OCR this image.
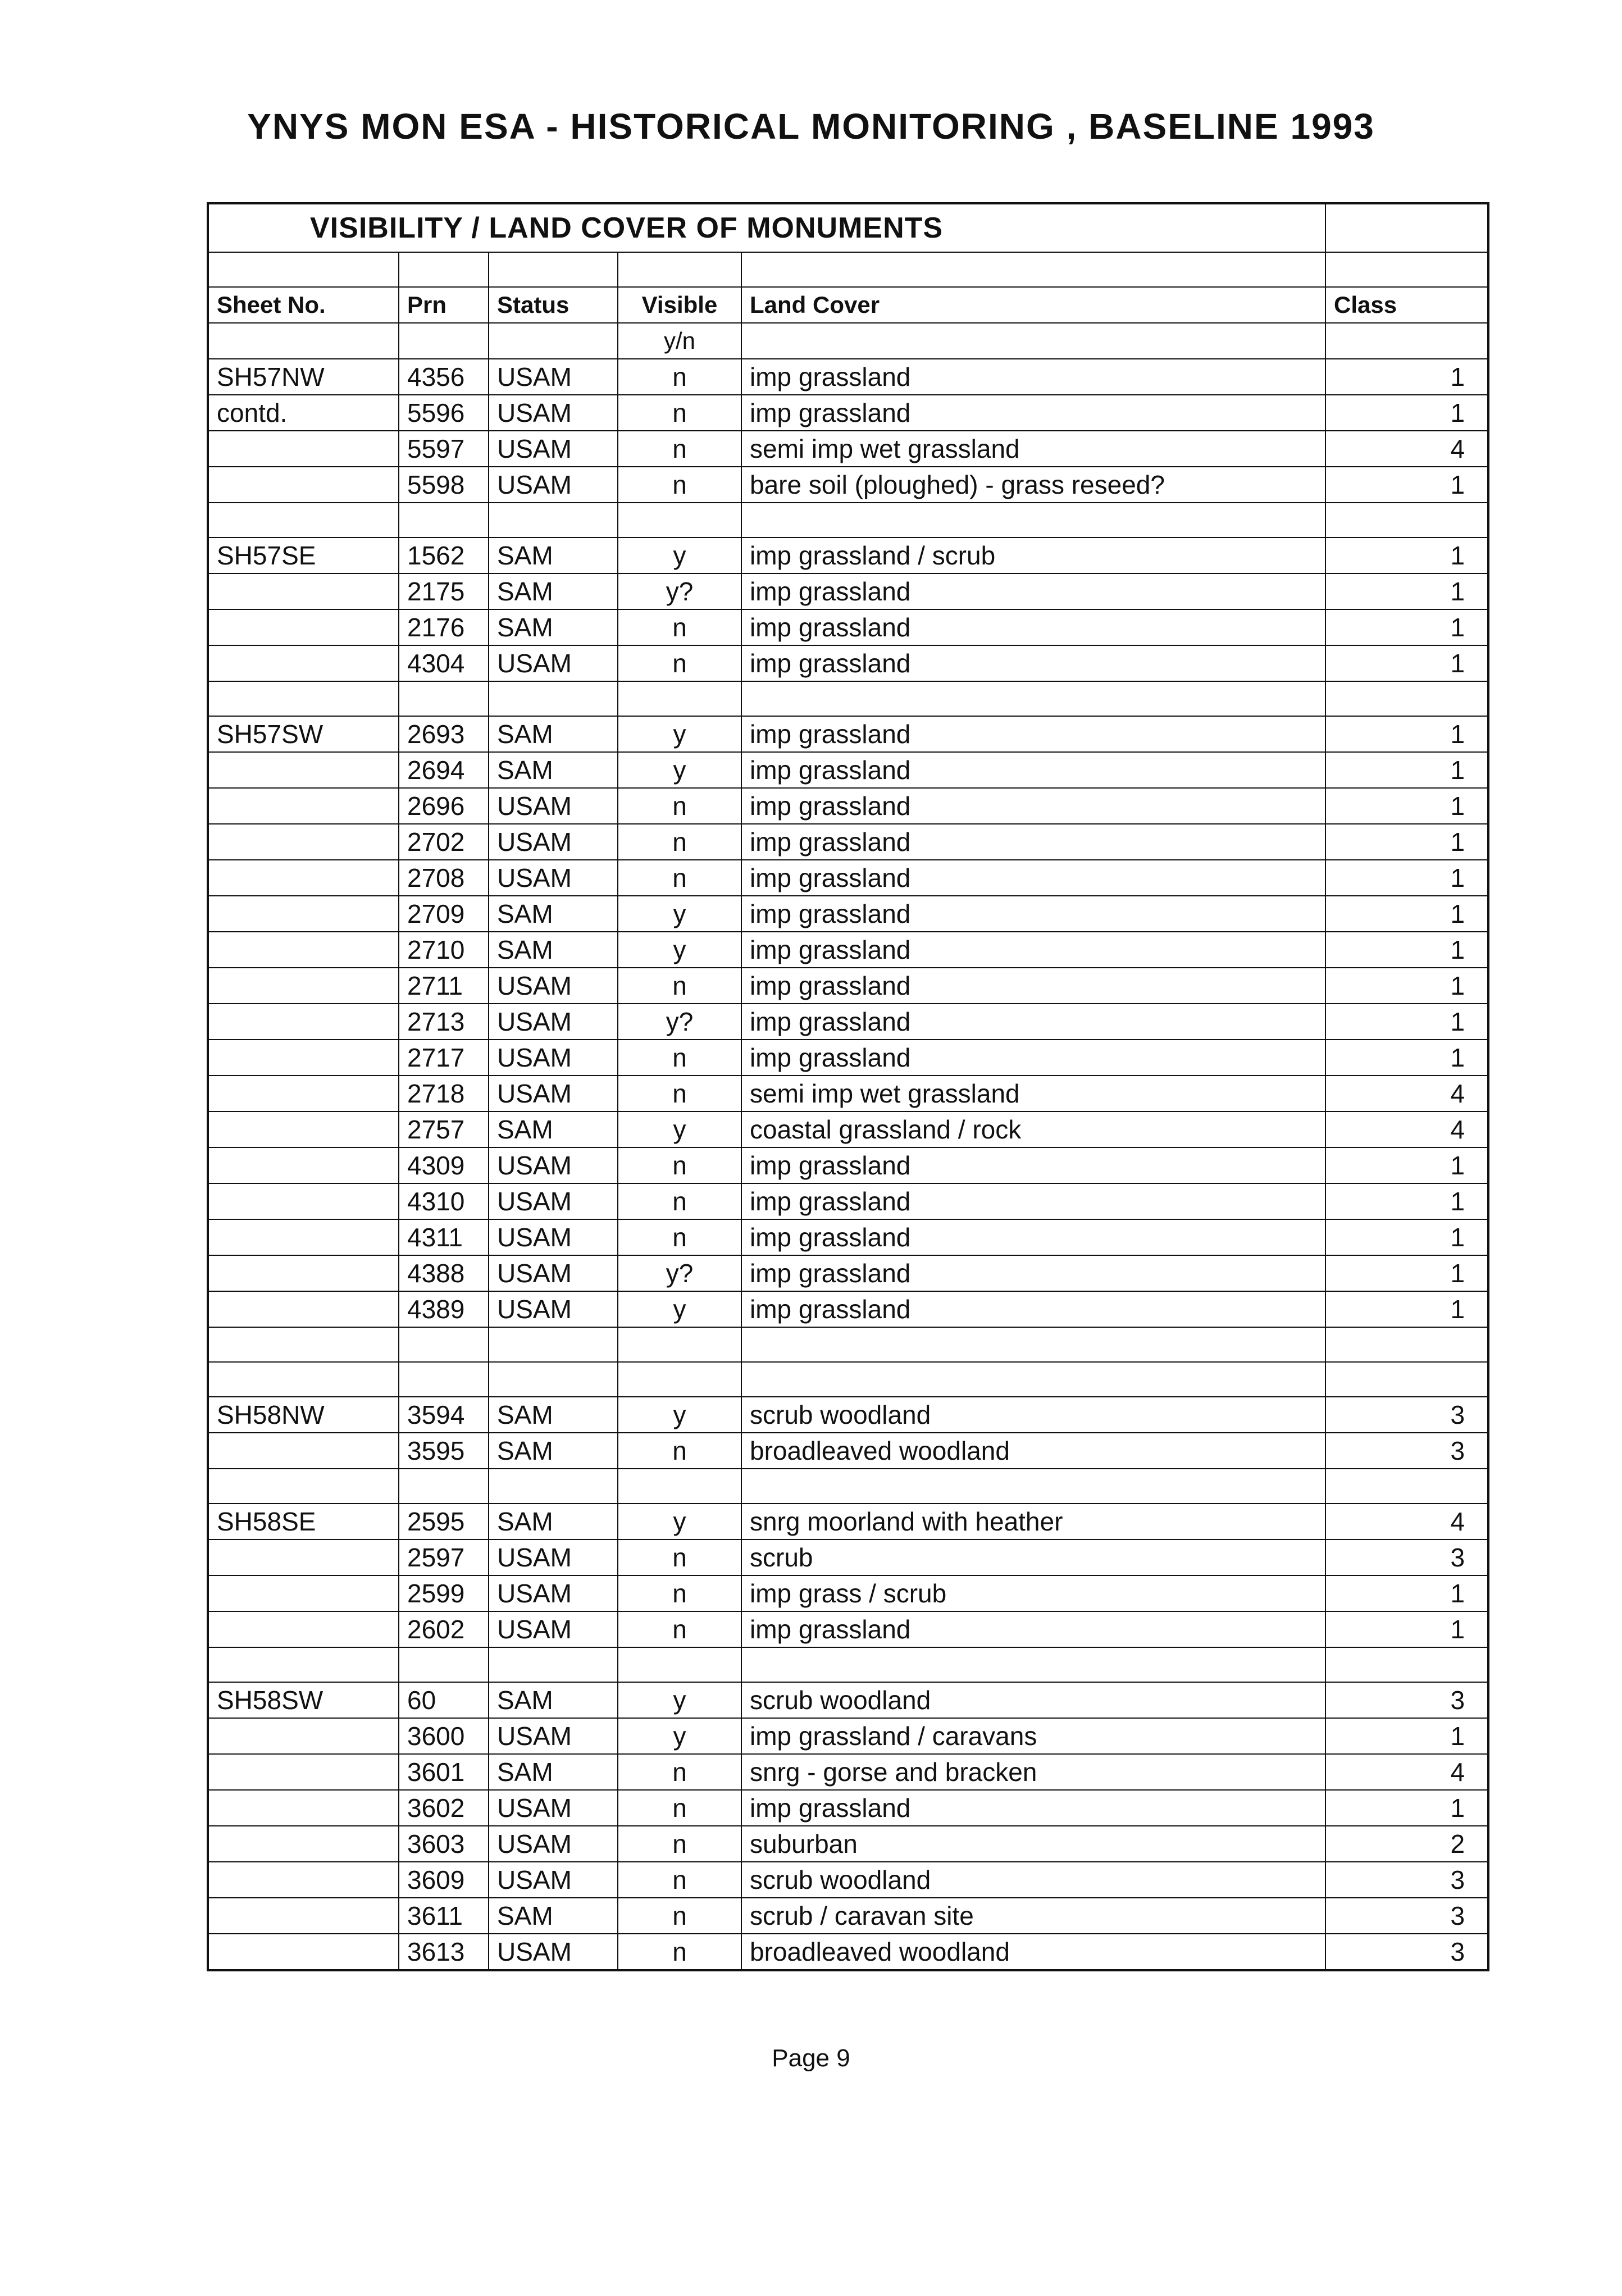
YNYS MON ESA - HISTORICAL MONITORING , BASELINE 1993
VISIBILITY / LAND COVER OF MONUMENTS					

Sheet No.	Prn	Status	Visible	Land Cover	Class
			y/n		
SH57NW	4356	USAM	n	imp grassland	1
contd.	5596	USAM	n	imp grassland	1
	5597	USAM	n	semi imp wet grassland	4
	5598	USAM	n	bare soil (ploughed) - grass reseed?	1

SH57SE	1562	SAM	y	imp grassland / scrub	1
	2175	SAM	y?	imp grassland	1
	2176	SAM	n	imp grassland	1
	4304	USAM	n	imp grassland	1

SH57SW	2693	SAM	y	imp grassland	1
	2694	SAM	y	imp grassland	1
	2696	USAM	n	imp grassland	1
	2702	USAM	n	imp grassland	1
	2708	USAM	n	imp grassland	1
	2709	SAM	y	imp grassland	1
	2710	SAM	y	imp grassland	1
	2711	USAM	n	imp grassland	1
	2713	USAM	y?	imp grassland	1
	2717	USAM	n	imp grassland	1
	2718	USAM	n	semi imp wet grassland	4
	2757	SAM	y	coastal grassland / rock	4
	4309	USAM	n	imp grassland	1
	4310	USAM	n	imp grassland	1
	4311	USAM	n	imp grassland	1
	4388	USAM	y?	imp grassland	1
	4389	USAM	y	imp grassland	1

SH58NW	3594	SAM	y	scrub woodland	3
	3595	SAM	n	broadleaved woodland	3

SH58SE	2595	SAM	y	snrg moorland with heather	4
	2597	USAM	n	scrub	3
	2599	USAM	n	imp grass / scrub	1
	2602	USAM	n	imp grassland	1

SH58SW	60	SAM	y	scrub woodland	3
	3600	USAM	y	imp grassland / caravans	1
	3601	SAM	n	snrg - gorse and bracken	4
	3602	USAM	n	imp grassland	1
	3603	USAM	n	suburban	2
	3609	USAM	n	scrub woodland	3
	3611	SAM	n	scrub / caravan site	3
	3613	USAM	n	broadleaved woodland	3
Page 9
